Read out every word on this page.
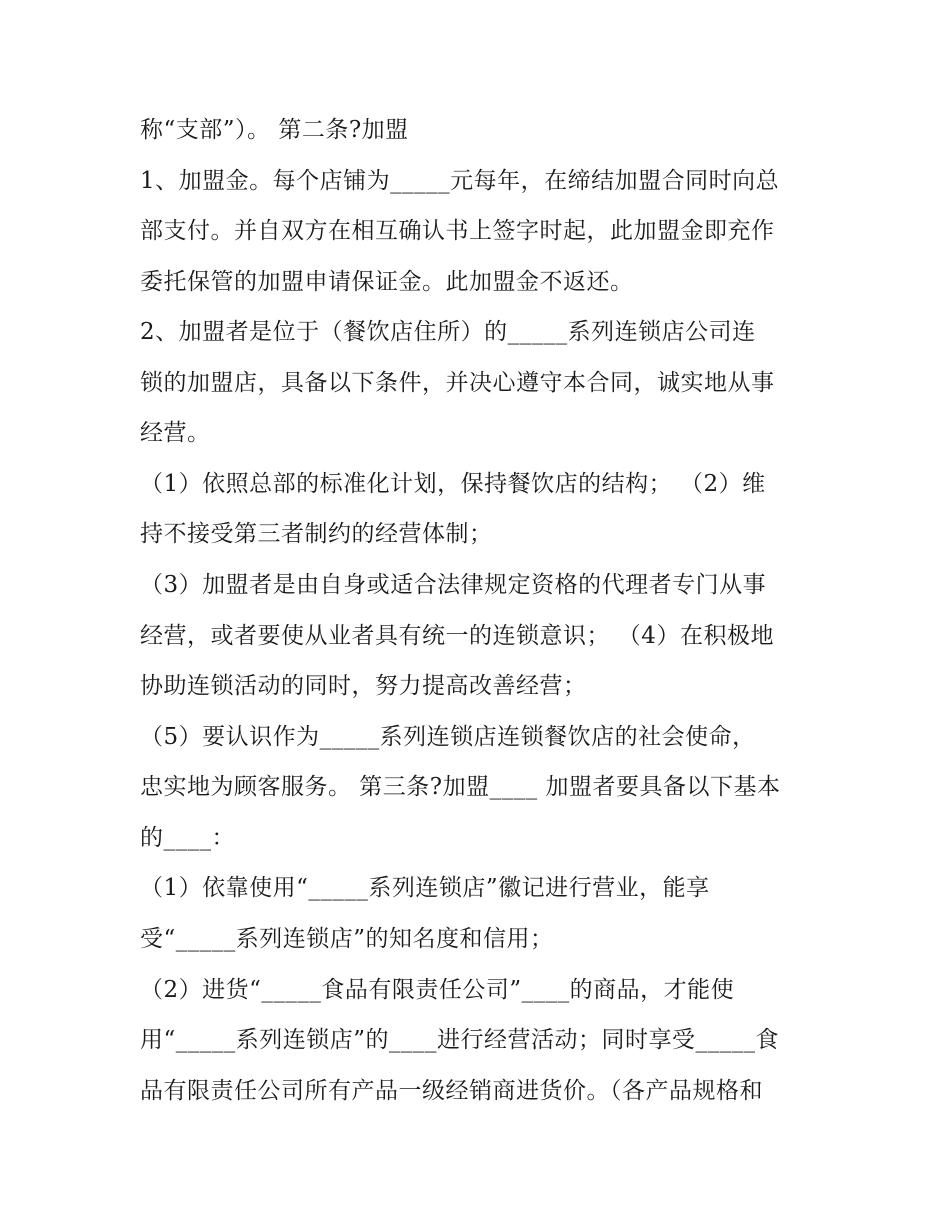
称“支部”）。 第二条?加盟
1、加盟金。每个店铺为_____元每年，在缔结加盟合同时向总
部支付。并自双方在相互确认书上签字时起，此加盟金即充作
委托保管的加盟申请保证金。此加盟金不返还。
2、加盟者是位于（餐饮店住所）的_____系列连锁店公司连
锁的加盟店，具备以下条件，并决心遵守本合同，诚实地从事
经营。
（1）依照总部的标准化计划，保持餐饮店的结构； （2）维
持不接受第三者制约的经营体制；
（3）加盟者是由自身或适合法律规定资格的代理者专门从事
经营，或者要使从业者具有统一的连锁意识； （4）在积极地
协助连锁活动的同时，努力提高改善经营；
（5）要认识作为_____系列连锁店连锁餐饮店的社会使命，
忠实地为顾客服务。 第三条?加盟____ 加盟者要具备以下基本
的____：
（1）依靠使用“_____系列连锁店”徽记进行营业，能享
受“_____系列连锁店”的知名度和信用；
（2）进货“_____食品有限责任公司”____的商品，才能使
用“_____系列连锁店”的____进行经营活动；同时享受_____食
品有限责任公司所有产品一级经销商进货价。（各产品规格和
